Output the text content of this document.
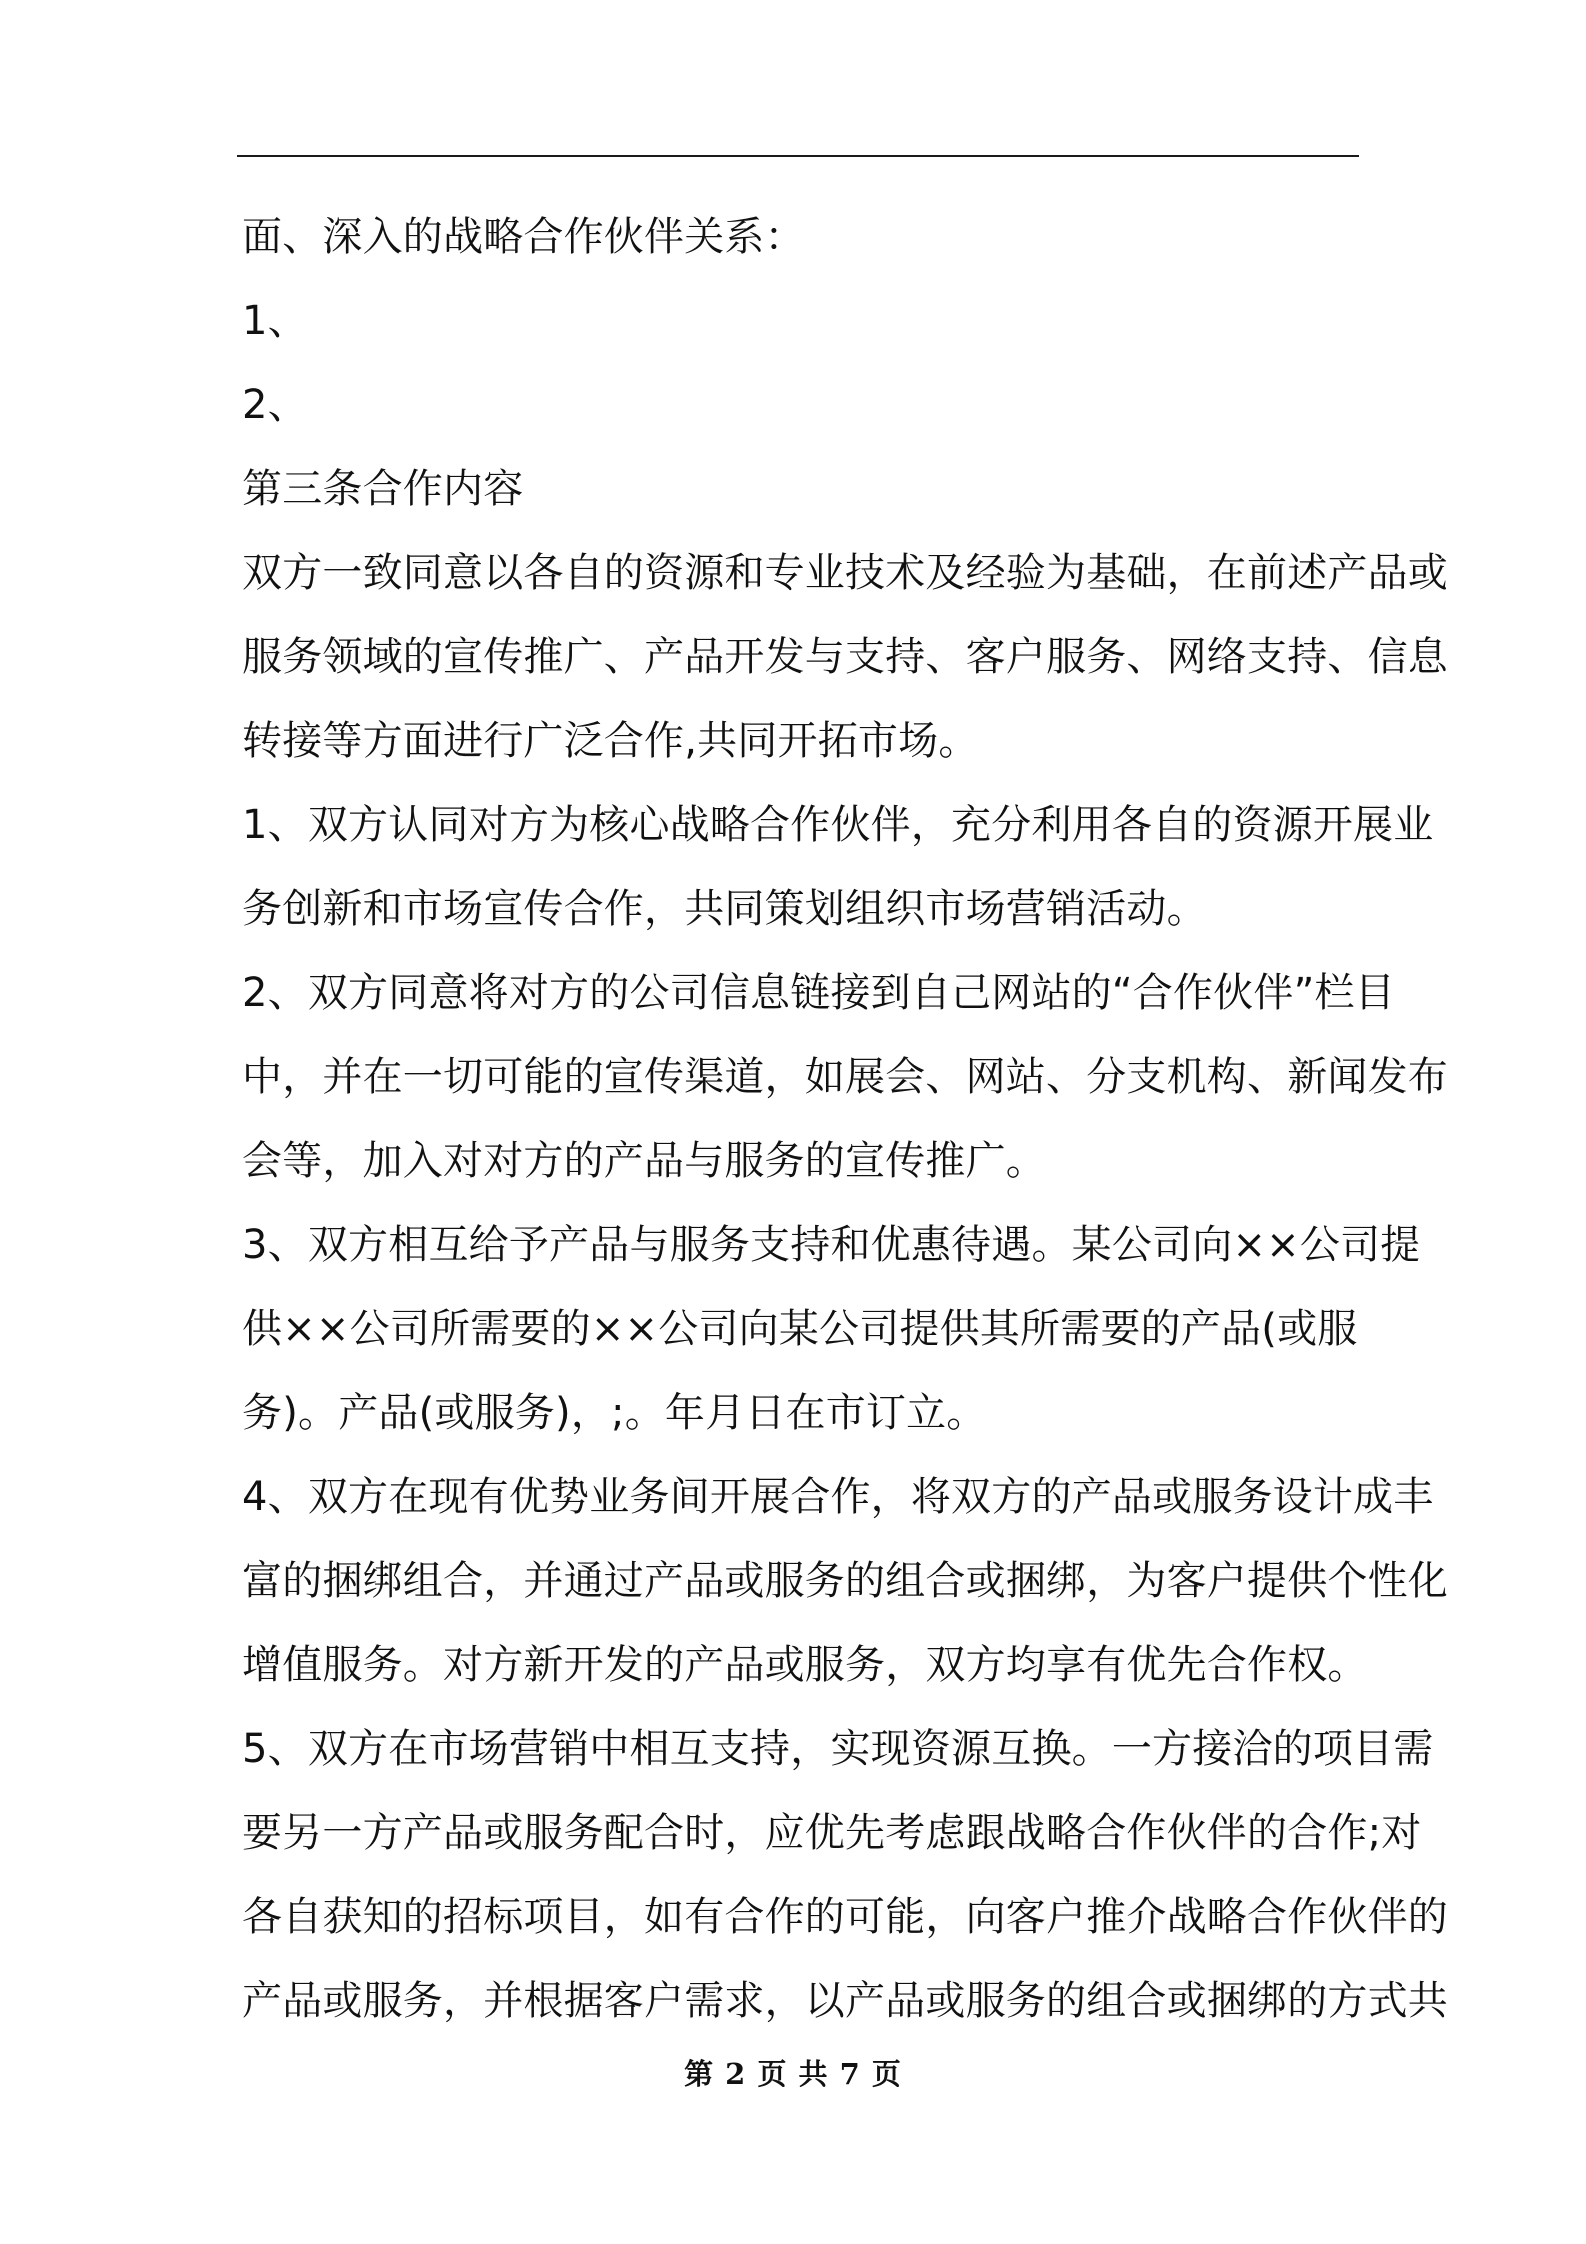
面、深入的战略合作伙伴关系：
1、
2、
第三条合作内容
双方一致同意以各自的资源和专业技术及经验为基础，在前述产品或
服务领域的宣传推广、产品开发与支持、客户服务、网络支持、信息
转接等方面进行广泛合作,共同开拓市场。
1、双方认同对方为核心战略合作伙伴，充分利用各自的资源开展业
务创新和市场宣传合作，共同策划组织市场营销活动。
2、双方同意将对方的公司信息链接到自己网站的“合作伙伴”栏目
中，并在一切可能的宣传渠道，如展会、网站、分支机构、新闻发布
会等，加入对对方的产品与服务的宣传推广。
3、双方相互给予产品与服务支持和优惠待遇。某公司向××公司提
供××公司所需要的××公司向某公司提供其所需要的产品(或服
务)。产品(或服务)，;。年月日在市订立。
4、双方在现有优势业务间开展合作，将双方的产品或服务设计成丰
富的捆绑组合，并通过产品或服务的组合或捆绑，为客户提供个性化
增值服务。对方新开发的产品或服务，双方均享有优先合作权。
5、双方在市场营销中相互支持，实现资源互换。一方接洽的项目需
要另一方产品或服务配合时，应优先考虑跟战略合作伙伴的合作;对
各自获知的招标项目，如有合作的可能，向客户推介战略合作伙伴的
产品或服务，并根据客户需求，以产品或服务的组合或捆绑的方式共
第 2 页 共 7 页
